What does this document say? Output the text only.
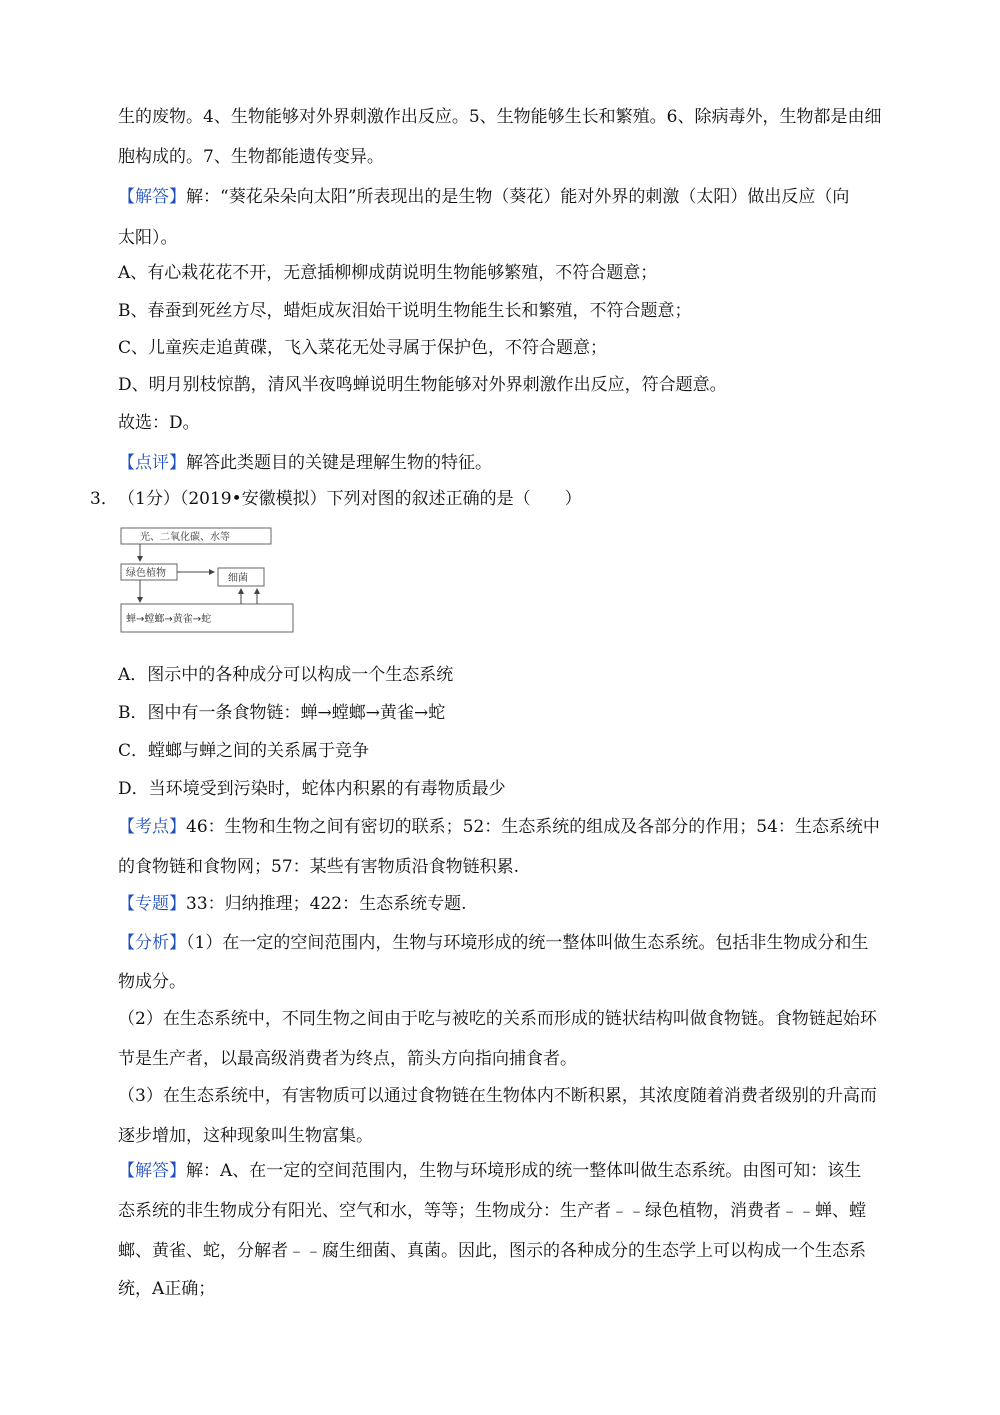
生的废物。4、生物能够对外界刺激作出反应。5、生物能够生长和繁殖。6、除病毒外，生物都是由细
胞构成的。7、生物都能遗传变异。
【解答】解：“葵花朵朵向太阳”所表现出的是生物（葵花）能对外界的刺激（太阳）做出反应（向
太阳）。
A、有心栽花花不开，无意插柳柳成荫说明生物能够繁殖，不符合题意；
B、春蚕到死丝方尽，蜡炬成灰泪始干说明生物能生长和繁殖，不符合题意；
C、儿童疾走追黄碟，飞入菜花无处寻属于保护色，不符合题意；
D、明月别枝惊鹊，清风半夜鸣蝉说明生物能够对外界刺激作出反应，符合题意。
故选：D。
【点评】解答此类题目的关键是理解生物的特征。
3． （1分）（2019•安徽模拟）下列对图的叙述正确的是（　　）
光、二氧化碳、水等
绿色植物	细菌
蝉→螳螂→黄雀→蛇
A．图示中的各种成分可以构成一个生态系统
B．图中有一条食物链：蝉→螳螂→黄雀→蛇
C．螳螂与蝉之间的关系属于竞争
D．当环境受到污染时，蛇体内积累的有毒物质最少
【考点】46：生物和生物之间有密切的联系；52：生态系统的组成及各部分的作用；54：生态系统中
的食物链和食物网；57：某些有害物质沿食物链积累.
【专题】33：归纳推理；422：生态系统专题.
【分析】（1）在一定的空间范围内，生物与环境形成的统一整体叫做生态系统。包括非生物成分和生
物成分。
（2）在生态系统中，不同生物之间由于吃与被吃的关系而形成的链状结构叫做食物链。食物链起始环
节是生产者，以最高级消费者为终点，箭头方向指向捕食者。
（3）在生态系统中，有害物质可以通过食物链在生物体内不断积累，其浓度随着消费者级别的升高而
逐步增加，这种现象叫生物富集。
【解答】解：A、在一定的空间范围内，生物与环境形成的统一整体叫做生态系统。由图可知：该生
态系统的非生物成分有阳光、空气和水，等等；生物成分：生产者﹣﹣绿色植物，消费者﹣﹣蝉、螳
螂、黄雀、蛇，分解者﹣﹣腐生细菌、真菌。因此，图示的各种成分的生态学上可以构成一个生态系
统，A正确；
